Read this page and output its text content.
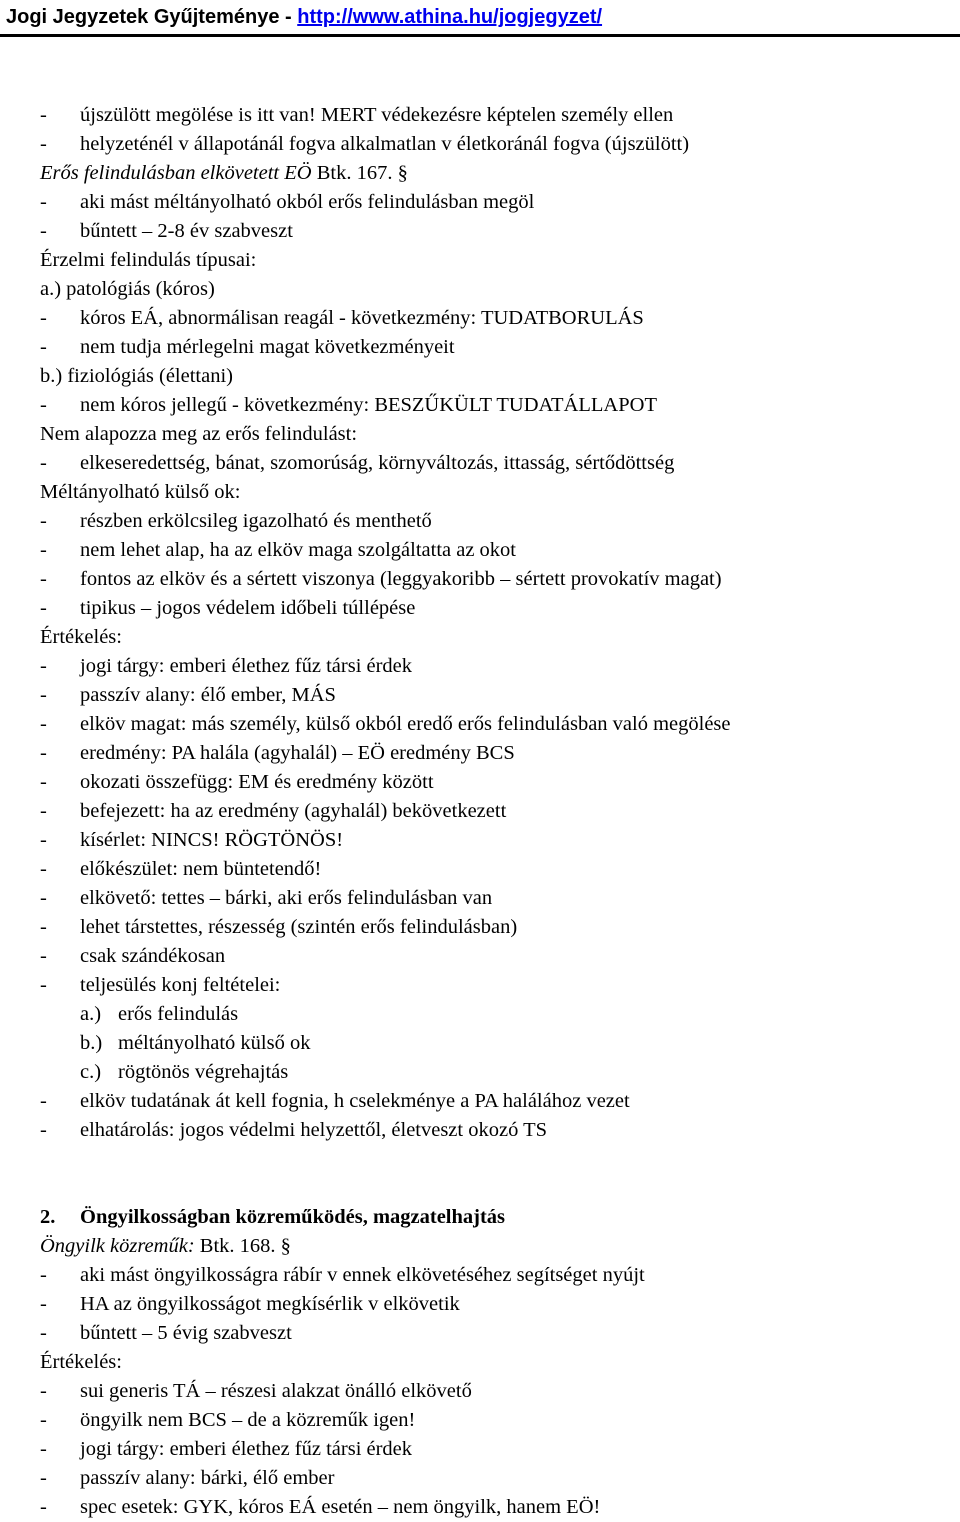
Jogi Jegyzetek Gyűjteménye - http://www.athina.hu/jogjegyzet/
- újszülött megölése is itt van! MERT védekezésre képtelen személy ellen
- helyzeténél v állapotánál fogva alkalmatlan v életkoránál fogva (újszülött)
Erős felindulásban elkövetett EÖ Btk. 167. §
- aki mást méltányolható okból erős felindulásban megöl
- bűntett – 2-8 év szabveszt
Érzelmi felindulás típusai:
a.) patológiás (kóros)
- kóros EÁ, abnormálisan reagál - következmény: TUDATBORULÁS
- nem tudja mérlegelni magat következményeit
b.) fiziológiás (élettani)
- nem kóros jellegű - következmény: BESZŰKÜLT TUDATÁLLAPOT
Nem alapozza meg az erős felindulást:
- elkeseredettség, bánat, szomorúság, környváltozás, ittasság, sértődöttség
Méltányolható külső ok:
- részben erkölcsileg igazolható és menthető
- nem lehet alap, ha az elköv maga szolgáltatta az okot
- fontos az elköv és a sértett viszonya (leggyakoribb – sértett provokatív magat)
- tipikus – jogos védelem időbeli túllépése
Értékelés:
- jogi tárgy: emberi élethez fűz társi érdek
- passzív alany: élő ember, MÁS
- elköv magat: más személy, külső okból eredő erős felindulásban való megölése
- eredmény: PA halála (agyhalál) – EÖ eredmény BCS
- okozati összefügg: EM és eredmény között
- befejezett: ha az eredmény (agyhalál) bekövetkezett
- kísérlet: NINCS! RÖGTÖNÖS!
- előkészület: nem büntetendő!
- elkövető: tettes – bárki, aki erős felindulásban van
- lehet társtettes, részesség (szintén erős felindulásban)
- csak szándékosan
- teljesülés konj feltételei:
a.) erős felindulás
b.) méltányolható külső ok
c.) rögtönös végrehajtás
- elköv tudatának át kell fognia, h cselekménye a PA halálához vezet
- elhatárolás: jogos védelmi helyzettől, életveszt okozó TS
2. Öngyilkosságban közreműködés, magzatelhajtás
Öngyilk közreműk: Btk. 168. §
- aki mást öngyilkosságra rábír v ennek elkövetéséhez segítséget nyújt
- HA az öngyilkosságot megkísérlik v elkövetik
- bűntett – 5 évig szabveszt
Értékelés:
- sui generis TÁ – részesi alakzat önálló elkövető
- öngyilk nem BCS – de a közreműk igen!
- jogi tárgy: emberi élethez fűz társi érdek
- passzív alany: bárki, élő ember
- spec esetek: GYK, kóros EÁ esetén – nem öngyilk, hanem EÖ!
